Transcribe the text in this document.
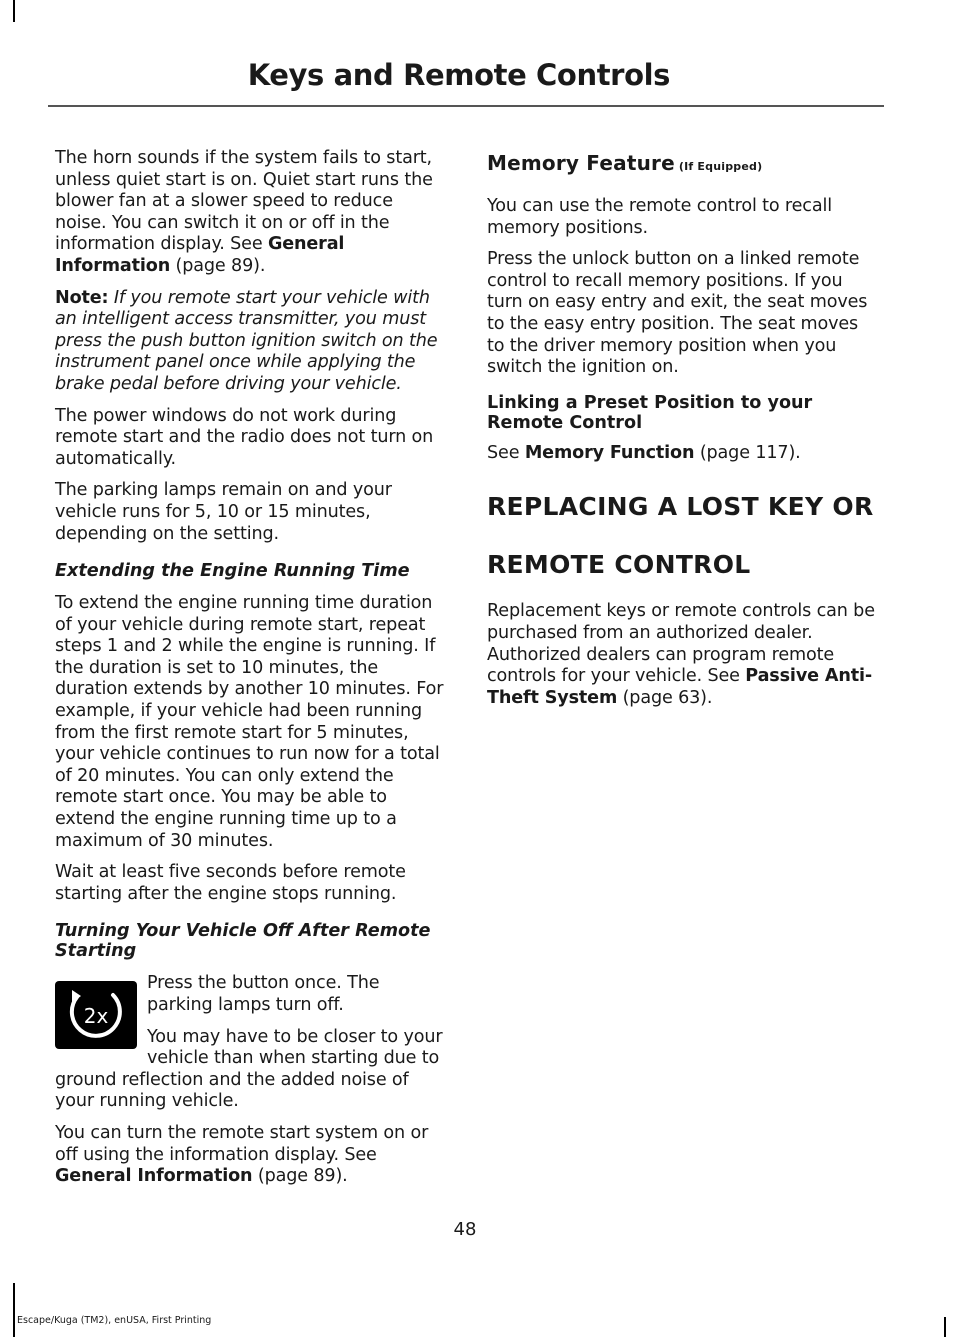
Keys and Remote Controls

The horn sounds if the system fails to start, unless quiet start is on. Quiet start runs the blower fan at a slower speed to reduce noise. You can switch it on or off in the information display. See General Information (page 89).

Note: If you remote start your vehicle with an intelligent access transmitter, you must press the push button ignition switch on the instrument panel once while applying the brake pedal before driving your vehicle.

The power windows do not work during remote start and the radio does not turn on automatically.

The parking lamps remain on and your vehicle runs for 5, 10 or 15 minutes, depending on the setting.

Extending the Engine Running Time

To extend the engine running time duration of your vehicle during remote start, repeat steps 1 and 2 while the engine is running. If the duration is set to 10 minutes, the duration extends by another 10 minutes. For example, if your vehicle had been running from the first remote start for 5 minutes, your vehicle continues to run now for a total of 20 minutes. You can only extend the remote start once. You may be able to extend the engine running time up to a maximum of 30 minutes.

Wait at least five seconds before remote starting after the engine stops running.

Turning Your Vehicle Off After Remote Starting
2x

Press the button once. The parking lamps turn off.

You may have to be closer to your vehicle than when starting due to ground reflection and the added noise of your running vehicle.

You can turn the remote start system on or off using the information display. See General Information (page 89).

Memory Feature (If Equipped)

You can use the remote control to recall memory positions.

Press the unlock button on a linked remote control to recall memory positions. If you turn on easy entry and exit, the seat moves to the easy entry position. The seat moves to the driver memory position when you switch the ignition on.

Linking a Preset Position to your Remote Control

See Memory Function (page 117).

REPLACING A LOST KEY OR

REMOTE CONTROL

Replacement keys or remote controls can be purchased from an authorized dealer. Authorized dealers can program remote controls for your vehicle. See Passive Anti-Theft System (page 63).

48
Escape/Kuga (TM2), enUSA, First Printing
